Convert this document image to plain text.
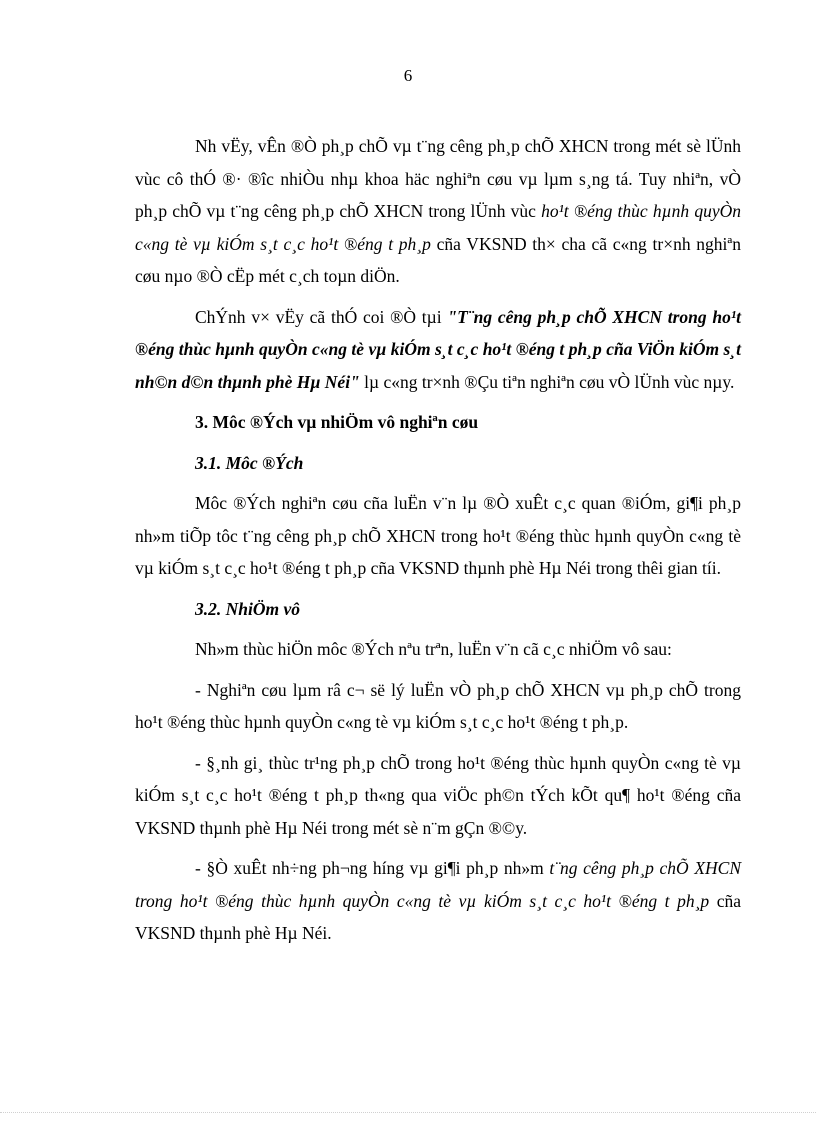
6

Nh vËy, vÊn ®Ò ph¸p chÕ vµ t¨ng cêng ph¸p chÕ XHCN trong mét sè lÜnh vùc cô thÓ ®· ®îc nhiÒu nhµ khoa häc nghiªn cøu vµ lµm s¸ng tá. Tuy nhiªn, vÒ ph¸p chÕ vµ t¨ng cêng ph¸p chÕ XHCN trong lÜnh vùc ho¹t ®éng thùc hµnh quyÒn c«ng tè vµ kiÓm s¸t c¸c ho¹t ®éng t ph¸p cña VKSND th× cha cã c«ng tr×nh nghiªn cøu nµo ®Ò cËp mét c¸ch toµn diÖn.

ChÝnh v× vËy cã thÓ coi ®Ò tµi "T¨ng cêng ph¸p chÕ XHCN trong ho¹t ®éng thùc hµnh quyÒn c«ng tè vµ kiÓm s¸t c¸c ho¹t ®éng t ph¸p cña ViÖn kiÓm s¸t nh©n d©n thµnh phè Hµ Néi" lµ c«ng tr×nh ®Çu tiªn nghiªn cøu vÒ lÜnh vùc nµy.

3. Môc ®Ých vµ nhiÖm vô nghiªn cøu

3.1. Môc ®Ých

Môc ®Ých nghiªn cøu cña luËn v¨n lµ ®Ò xuÊt c¸c quan ®iÓm, gi¶i ph¸p nh»m tiÕp tôc t¨ng cêng ph¸p chÕ XHCN trong ho¹t ®éng thùc hµnh quyÒn c«ng tè vµ kiÓm s¸t c¸c ho¹t ®éng t ph¸p cña VKSND thµnh phè Hµ Néi trong thêi gian tíi.

3.2. NhiÖm vô

Nh»m thùc hiÖn môc ®Ých nªu trªn, luËn v¨n cã c¸c nhiÖm vô sau:

- Nghiªn cøu lµm râ c¬ së lý luËn vÒ ph¸p chÕ XHCN vµ ph¸p chÕ trong ho¹t ®éng thùc hµnh quyÒn c«ng tè vµ kiÓm s¸t c¸c ho¹t ®éng t ph¸p.

- §¸nh gi¸ thùc tr¹ng ph¸p chÕ trong ho¹t ®éng thùc hµnh quyÒn c«ng tè vµ kiÓm s¸t c¸c ho¹t ®éng t ph¸p th«ng qua viÖc ph©n tÝch kÕt qu¶ ho¹t ®éng cña VKSND thµnh phè Hµ Néi trong mét sè n¨m gÇn ®©y.

- §Ò xuÊt nh÷ng ph¬ng híng vµ gi¶i ph¸p nh»m t¨ng cêng ph¸p chÕ XHCN trong ho¹t ®éng thùc hµnh quyÒn c«ng tè vµ kiÓm s¸t c¸c ho¹t ®éng t ph¸p cña VKSND thµnh phè Hµ Néi.
